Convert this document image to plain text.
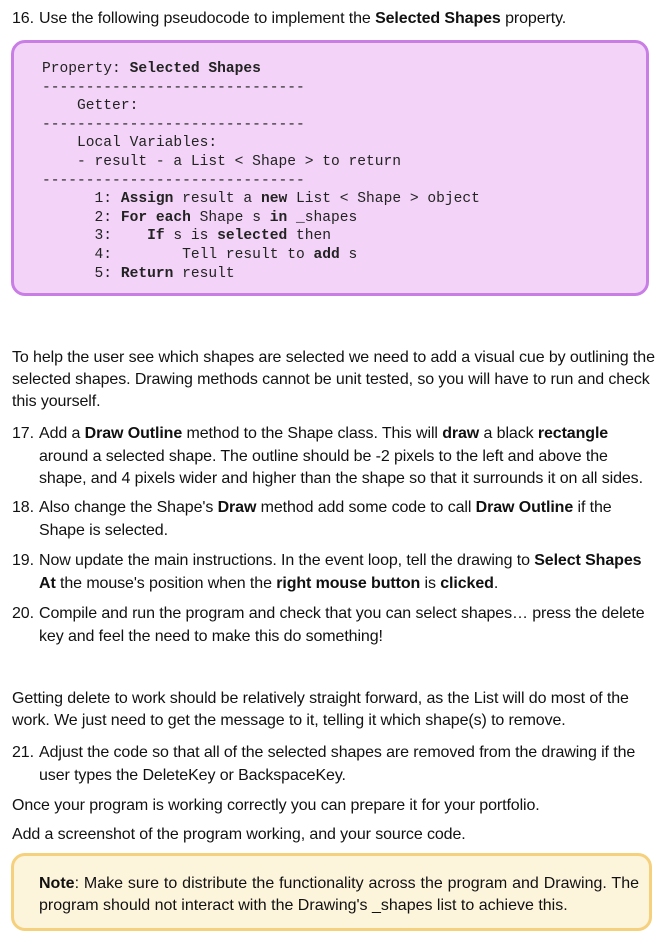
16. Use the following pseudocode to implement the Selected Shapes property.
Property: Selected Shapes
------------------------------
Getter:
------------------------------
Local Variables:
- result - a List < Shape > to return
------------------------------
1: Assign result a new List < Shape > object
2: For each Shape s in _shapes
3:    If s is selected then
4:        Tell result to add s
5: Return result
To help the user see which shapes are selected we need to add a visual cue by outlining the selected shapes. Drawing methods cannot be unit tested, so you will have to run and check this yourself.
17. Add a Draw Outline method to the Shape class. This will draw a black rectangle around a selected shape. The outline should be -2 pixels to the left and above the shape, and 4 pixels wider and higher than the shape so that it surrounds it on all sides.
18. Also change the Shape's Draw method add some code to call Draw Outline if the Shape is selected.
19. Now update the main instructions. In the event loop, tell the drawing to Select Shapes At the mouse's position when the right mouse button is clicked.
20. Compile and run the program and check that you can select shapes… press the delete key and feel the need to make this do something!
Getting delete to work should be relatively straight forward, as the List will do most of the work. We just need to get the message to it, telling it which shape(s) to remove.
21. Adjust the code so that all of the selected shapes are removed from the drawing if the user types the DeleteKey or BackspaceKey.
Once your program is working correctly you can prepare it for your portfolio.
Add a screenshot of the program working, and your source code.
Note: Make sure to distribute the functionality across the program and Drawing. The program should not interact with the Drawing's _shapes list to achieve this.
